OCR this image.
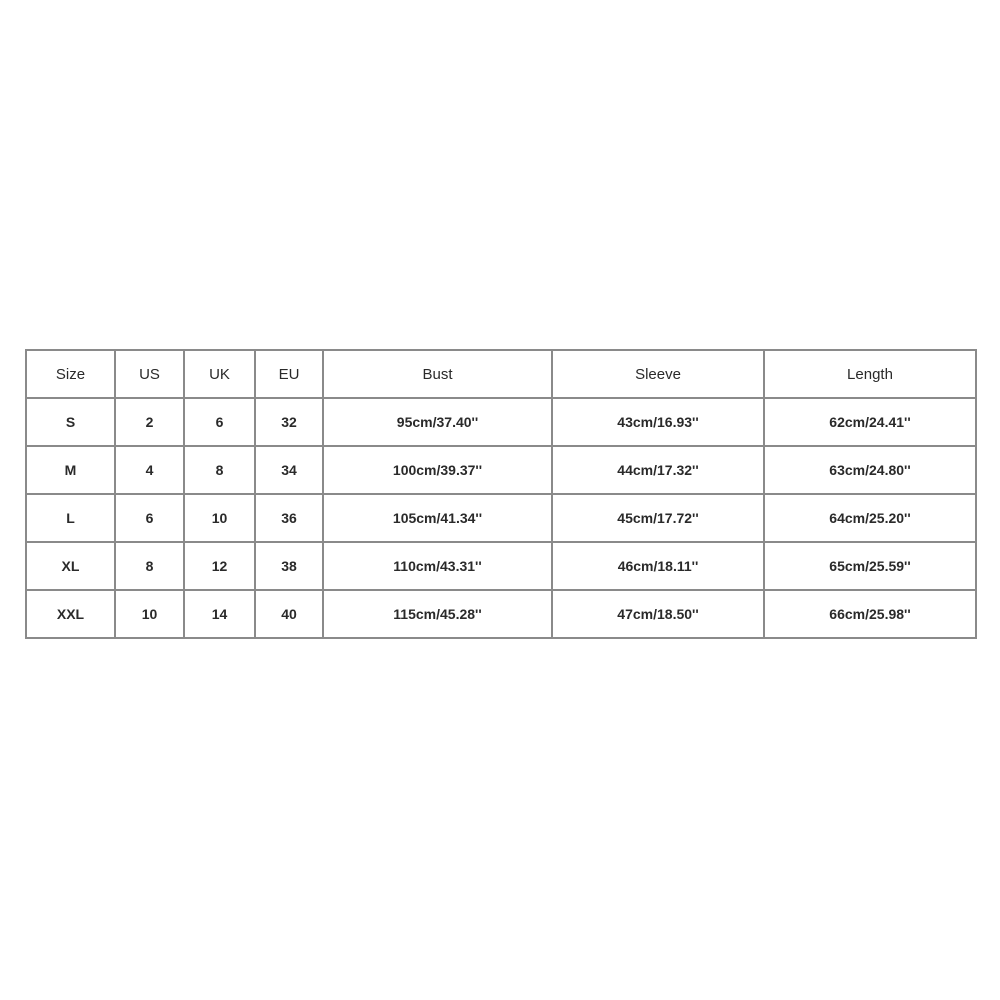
Size	US	UK	EU	Bust	Sleeve	Length
S	2	6	32	95cm/37.40''	43cm/16.93''	62cm/24.41''
M	4	8	34	100cm/39.37''	44cm/17.32''	63cm/24.80''
L	6	10	36	105cm/41.34''	45cm/17.72''	64cm/25.20''
XL	8	12	38	110cm/43.31''	46cm/18.11''	65cm/25.59''
XXL	10	14	40	115cm/45.28''	47cm/18.50''	66cm/25.98''
